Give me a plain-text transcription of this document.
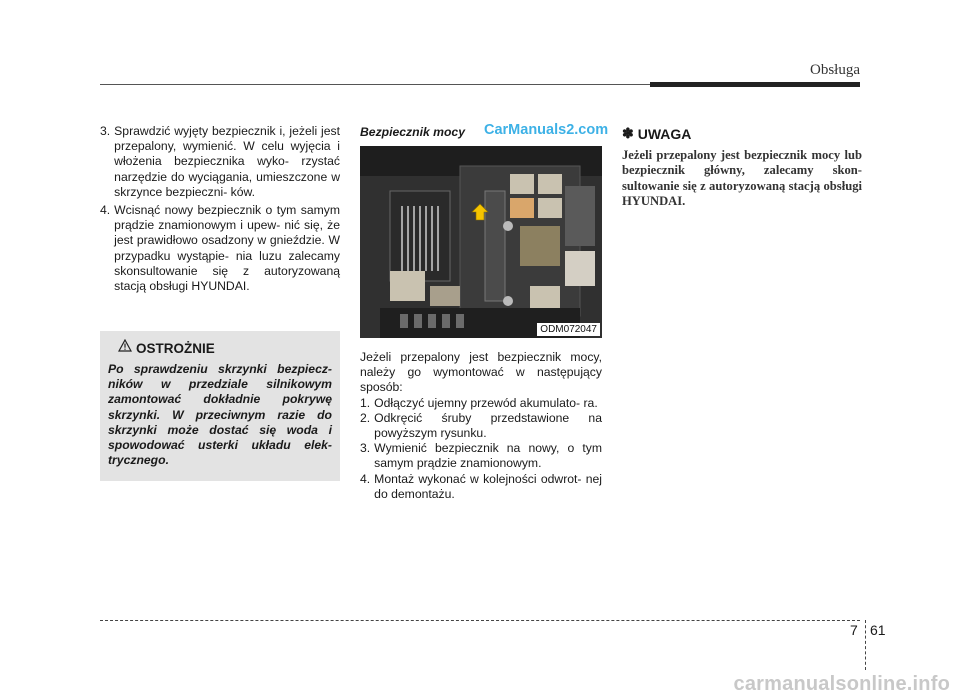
Obsługa
3. Sprawdzić wyjęty bezpiecznik i, jeżeli jest przepalony, wymienić. W celu wyjęcia i włożenia bezpiecznika wyko- rzystać narzędzie do wyciągania, umieszczone w skrzynce bezpieczni- ków.
4. Wcisnąć nowy bezpiecznik o tym samym prądzie znamionowym i upew- nić się, że jest prawidłowo osadzony w gnieździe. W przypadku wystąpie- nia luzu zalecamy skonsultowanie się z autoryzowaną stacją obsługi HYUNDAI.
OSTROŻNIE
Po sprawdzeniu skrzynki bezpiecz- ników w przedziale silnikowym zamontować dokładnie pokrywę skrzynki. W przeciwnym razie do skrzynki może dostać się woda i spowodować usterki układu elek- trycznego.
Bezpiecznik mocy CarManuals2.com
ODM072047

Jeżeli przepalony jest bezpiecznik mocy, należy go wymontować w następujący sposób:

1. Odłączyć ujemny przewód akumulato- ra.
2. Odkręcić śruby przedstawione na powyższym rysunku.
3. Wymienić bezpiecznik na nowy, o tym samym prądzie znamionowym.
4. Montaż wykonać w kolejności odwrot- nej do demontażu.
✽ UWAGA
Jeżeli przepalony jest bezpiecznik mocy lub bezpiecznik główny, zalecamy skon- sultowanie się z autoryzowaną stacją obsługi HYUNDAI.
7 61
carmanualsonline.info
